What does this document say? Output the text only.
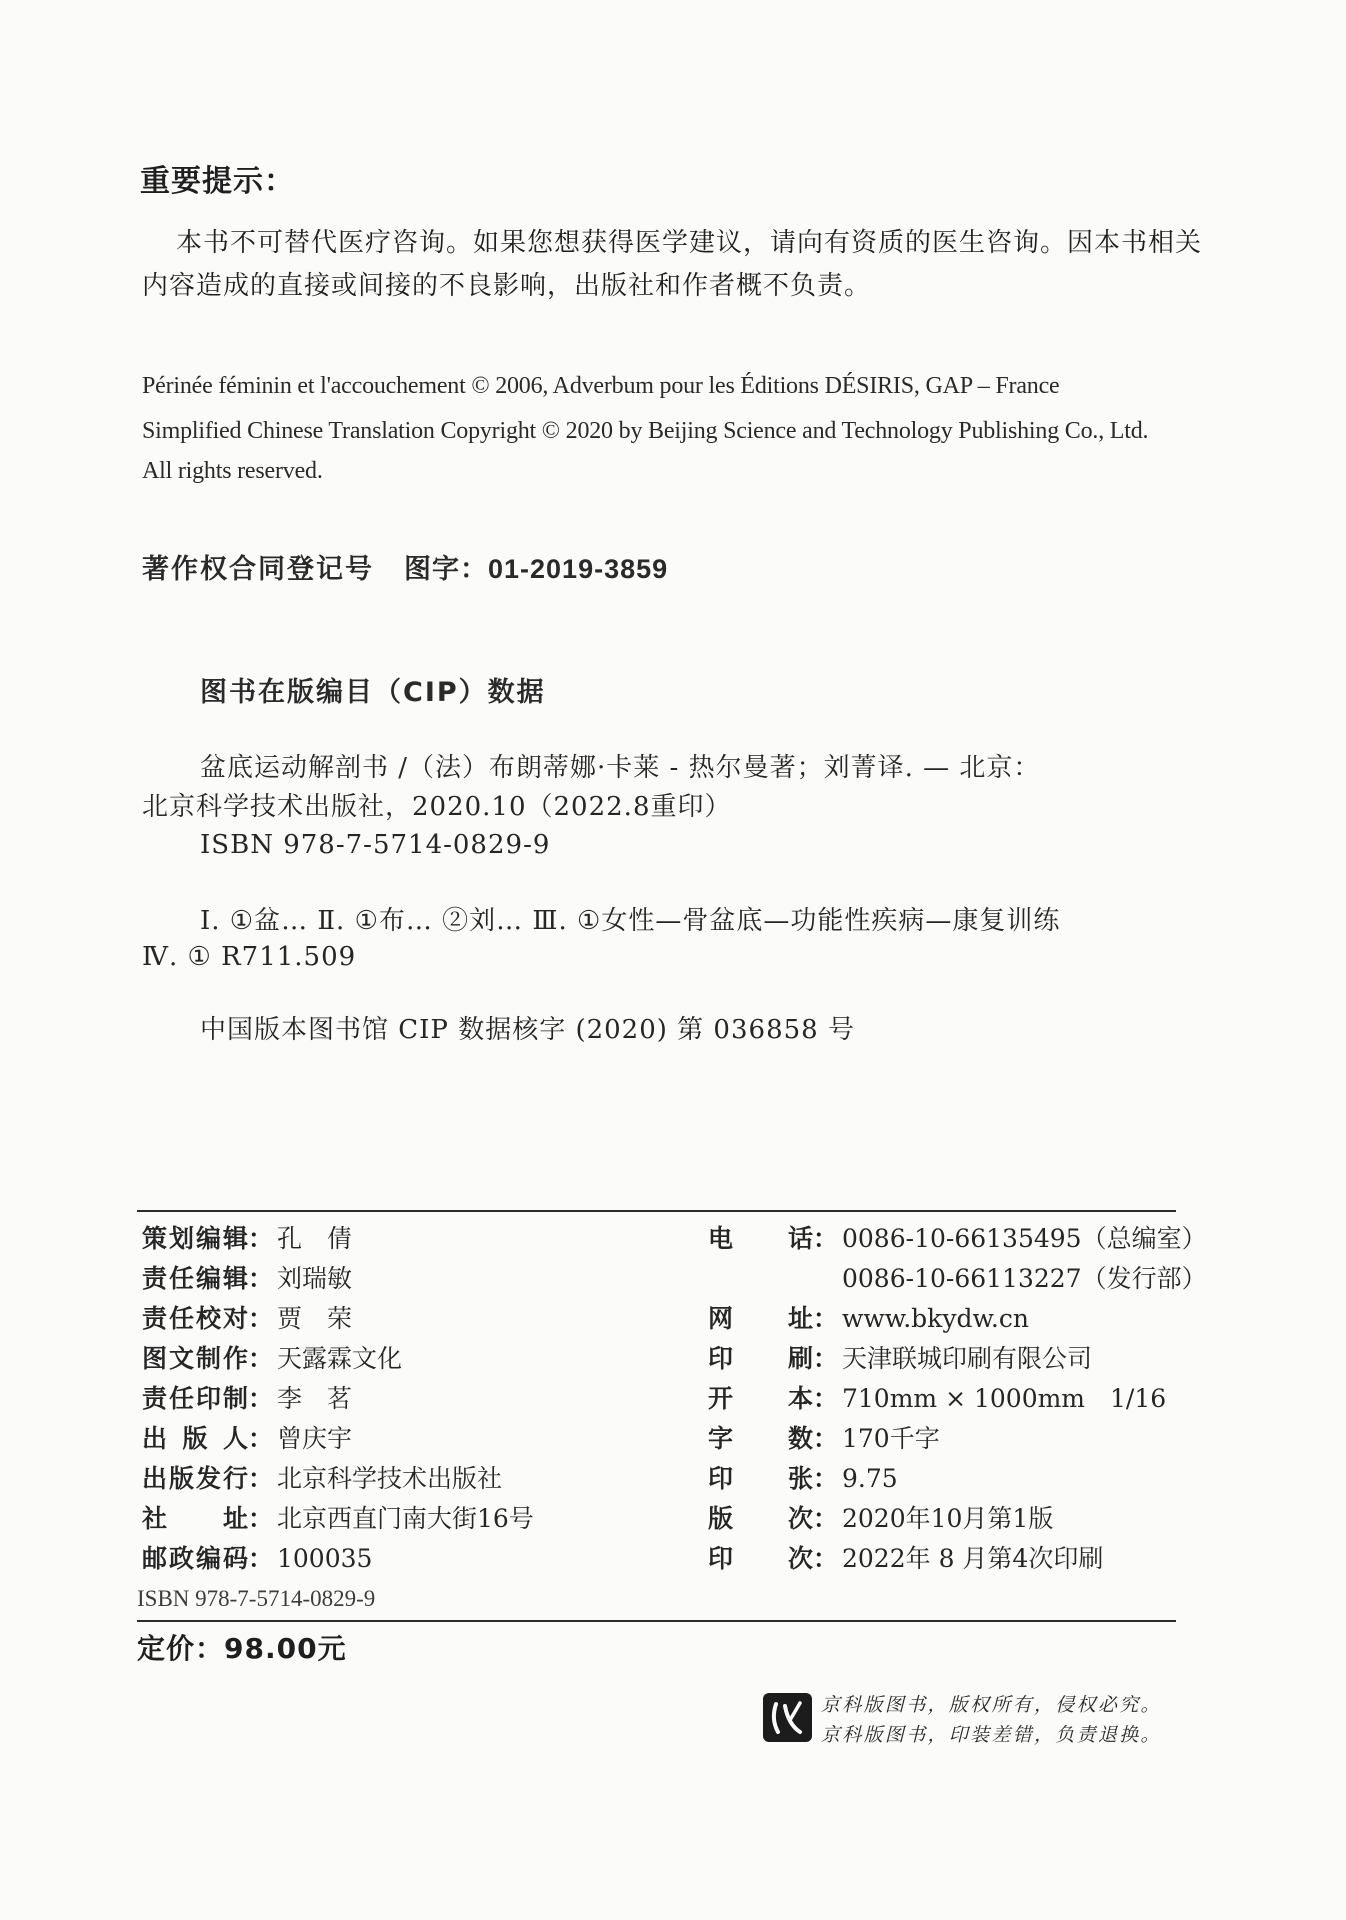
重要提示：
本书不可替代医疗咨询。如果您想获得医学建议，请向有资质的医生咨询。因本书相关
内容造成的直接或间接的不良影响，出版社和作者概不负责。
Périnée féminin et l'accouchement © 2006, Adverbum pour les Éditions DÉSIRIS, GAP – France
Simplified Chinese Translation Copyright © 2020 by Beijing Science and Technology Publishing Co., Ltd.
All rights reserved.
著作权合同登记号 图字：01-2019-3859
图书在版编目（CIP）数据
盆底运动解剖书 /（法）布朗蒂娜·卡莱 - 热尔曼著；刘菁译. — 北京：
北京科学技术出版社，2020.10（2022.8重印）
ISBN 978-7-5714-0829-9
Ⅰ. ①盆… Ⅱ. ①布… ②刘… Ⅲ. ①女性—骨盆底—功能性疾病—康复训练
Ⅳ. ① R711.509
中国版本图书馆 CIP 数据核字 (2020) 第 036858 号
策划编辑： 孔　倩
责任编辑： 刘瑞敏
责任校对： 贾　荣
图文制作： 天露霖文化
责任印制： 李　茗
出版人： 曾庆宇
出版发行： 北京科学技术出版社
社址： 北京西直门南大街16号
邮政编码： 100035
电话： 0086-10-66135495（总编室）
0086-10-66113227（发行部）
网址： www.bkydw.cn
印刷： 天津联城印刷有限公司
开本： 710mm × 1000mm　1/16
字数： 170千字
印张： 9.75
版次： 2020年10月第1版
印次： 2022年 8 月第4次印刷
ISBN 978-7-5714-0829-9
定价：98.00元
京科版图书，版权所有，侵权必究。
京科版图书，印装差错，负责退换。
